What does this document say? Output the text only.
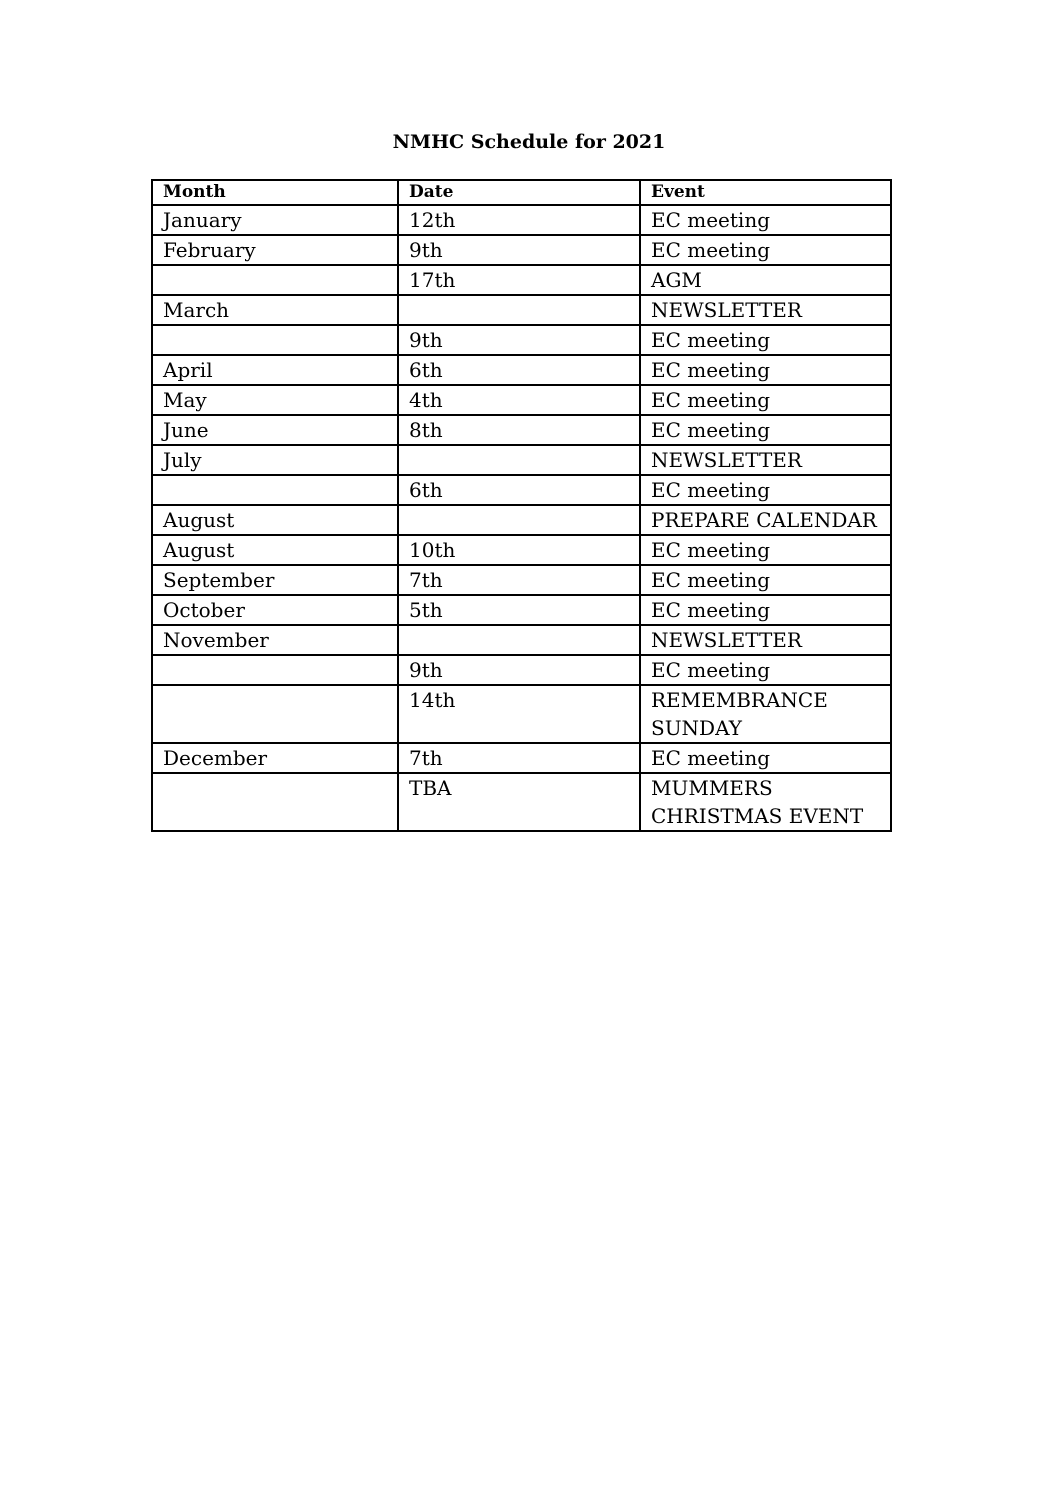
NMHC Schedule for 2021
Month	Date	Event
January	12th	EC meeting
February	9th	EC meeting
	17th	AGM
March		NEWSLETTER
	9th	EC meeting
April	6th	EC meeting
May	4th	EC meeting
June	8th	EC meeting
July		NEWSLETTER
	6th	EC meeting
August		PREPARE CALENDAR
August	10th	EC meeting
September	7th	EC meeting
October	5th	EC meeting
November		NEWSLETTER
	9th	EC meeting
	14th	REMEMBRANCE SUNDAY
December	7th	EC meeting
	TBA	MUMMERS CHRISTMAS EVENT
